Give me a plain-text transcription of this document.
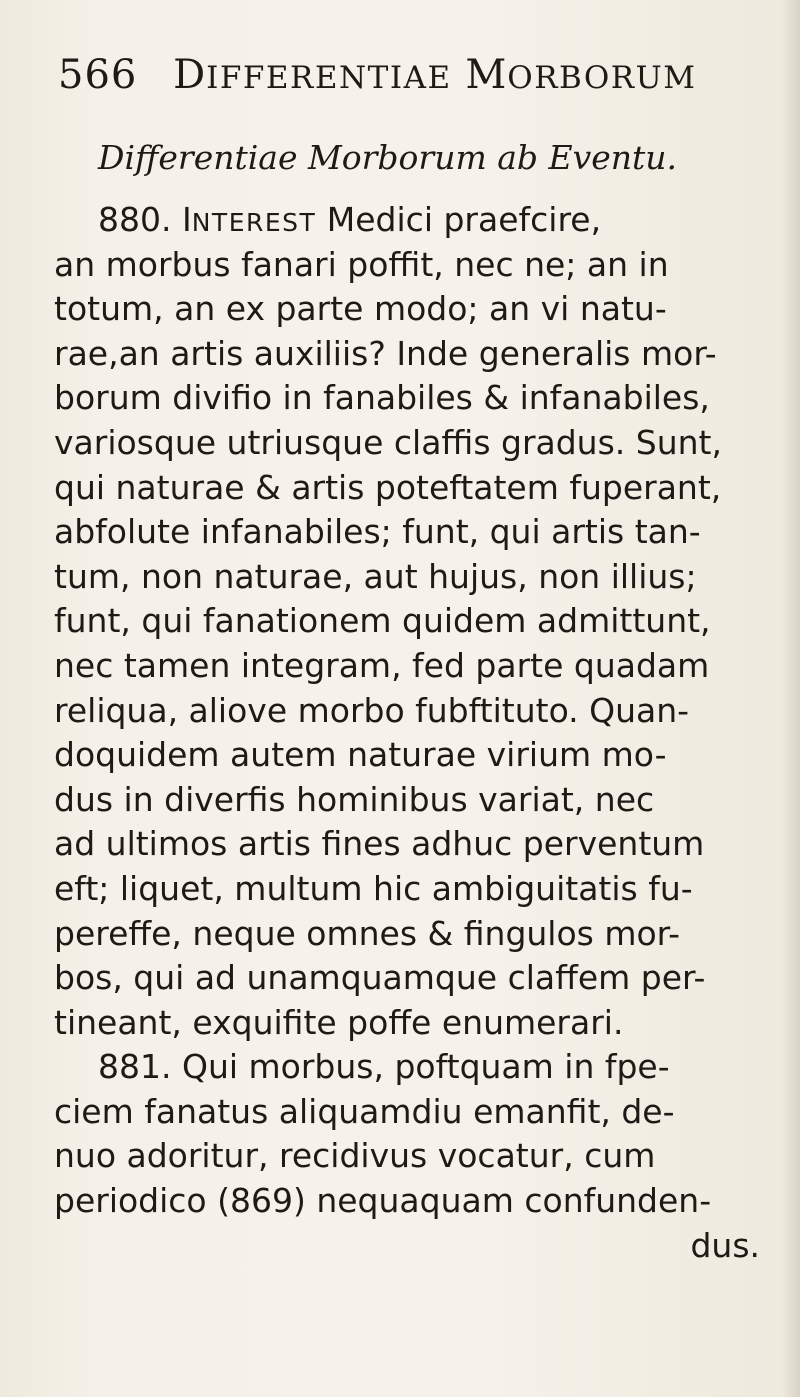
566 DIFFERENTIAE MORBORUM
Differentiae Morborum ab Eventu.
880. INTEREST Medici praefcire,
an morbus fanari poffit, nec ne; an in
totum, an ex parte modo; an vi natu-
rae,an artis auxiliis? Inde generalis mor-
borum divifio in fanabiles & infanabiles,
variosque utriusque claffis gradus. Sunt,
qui naturae & artis poteftatem fuperant,
abfolute infanabiles; funt, qui artis tan-
tum, non naturae, aut hujus, non illius;
funt, qui fanationem quidem admittunt,
nec tamen integram, fed parte quadam
reliqua, aliove morbo fubftituto. Quan-
doquidem autem naturae virium mo-
dus in diverfis hominibus variat, nec
ad ultimos artis fines adhuc perventum
eft; liquet, multum hic ambiguitatis fu-
pereffe, neque omnes & fingulos mor-
bos, qui ad unamquamque claffem per-
tineant, exquifite poffe enumerari.
881. Qui morbus, poftquam in fpe-
ciem fanatus aliquamdiu emanfit, de-
nuo adoritur, recidivus vocatur, cum
periodico (869) nequaquam confunden-
dus.
